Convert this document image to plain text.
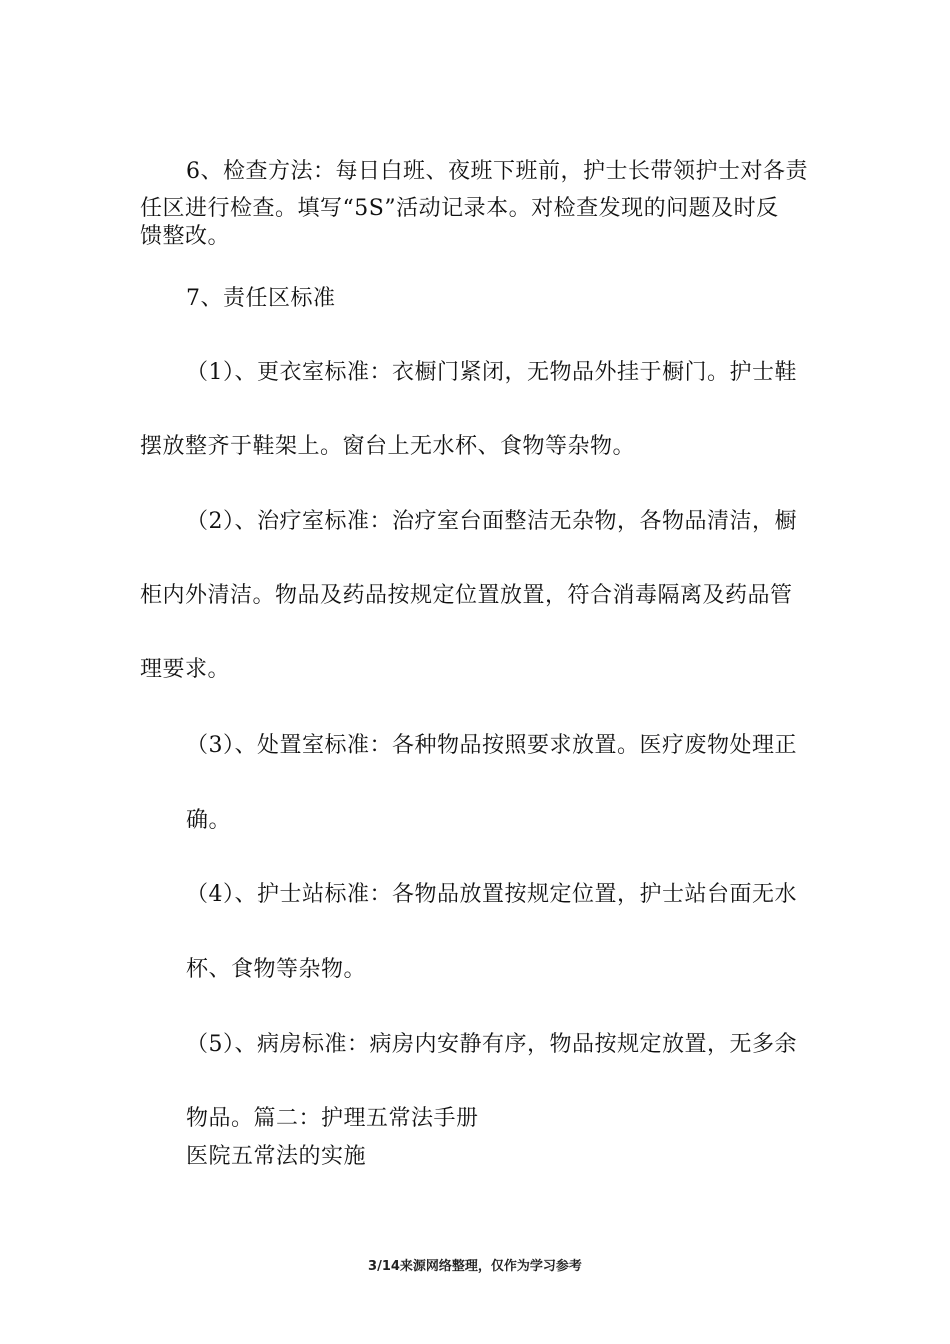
6、检查方法：每日白班、夜班下班前，护士长带领护士对各责
任区进行检查。填写“5S”活动记录本。对检查发现的问题及时反
馈整改。
7、责任区标准
（1）、更衣室标准：衣橱门紧闭，无物品外挂于橱门。护士鞋
摆放整齐于鞋架上。窗台上无水杯、食物等杂物。
（2）、治疗室标准：治疗室台面整洁无杂物，各物品清洁，橱
柜内外清洁。物品及药品按规定位置放置，符合消毒隔离及药品管
理要求。
（3）、处置室标准：各种物品按照要求放置。医疗废物处理正
确。
（4）、护士站标准：各物品放置按规定位置，护士站台面无水
杯、食物等杂物。
（5）、病房标准：病房内安静有序，物品按规定放置，无多余
物品。篇二：护理五常法手册
医院五常法的实施
3/14来源网络整理，仅作为学习参考
